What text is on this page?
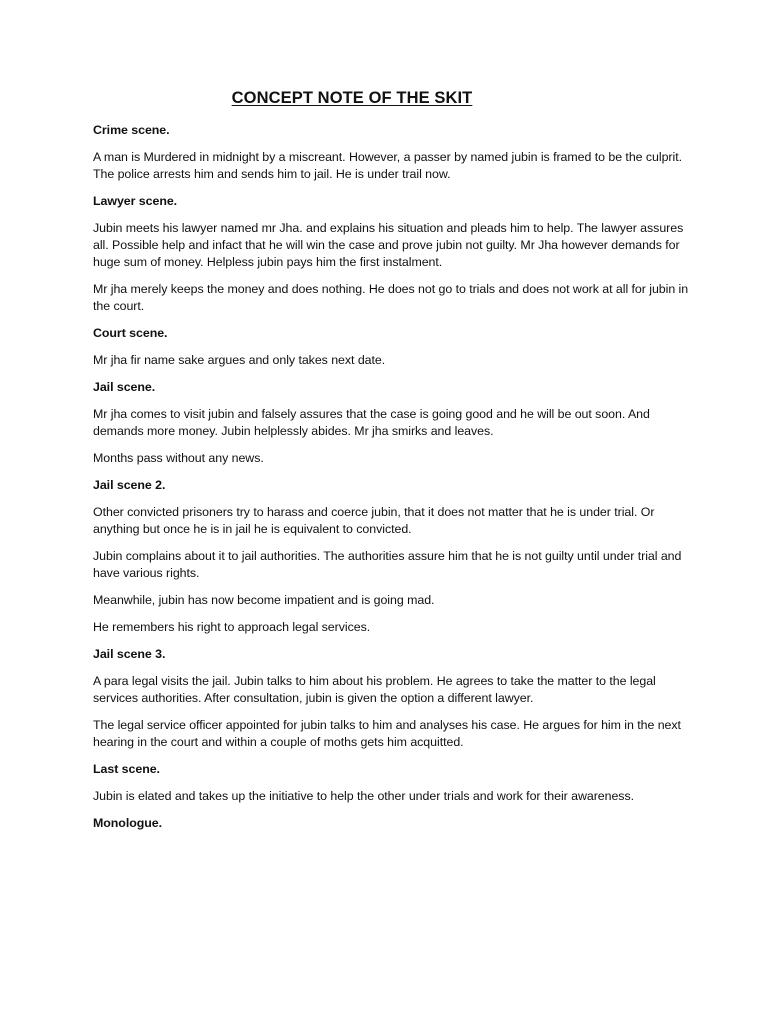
CONCEPT NOTE OF THE SKIT

Crime scene.

A man is Murdered in midnight by a miscreant. However, a passer by named jubin is framed to be the culprit. The police arrests him and sends him to jail. He is under trail now.

Lawyer scene.

Jubin meets his lawyer named mr Jha. and explains his situation and pleads him to help. The lawyer assures all. Possible help and infact that he will win the case and prove jubin not guilty. Mr Jha however demands for huge sum of money. Helpless jubin pays him the first instalment.

Mr jha merely keeps the money and does nothing. He does not go to trials and does not work at all for jubin in the court.

Court scene.

Mr jha fir name sake argues and only takes next date.

Jail scene.

Mr jha comes to visit jubin and falsely assures that the case is going good and he will be out soon. And demands more money. Jubin helplessly abides. Mr jha smirks and leaves.

Months pass without any news.

Jail scene 2.

Other convicted prisoners try to harass and coerce jubin, that it does not matter that he is under trial. Or anything but once he is in jail he is equivalent to convicted.

Jubin complains about it to jail authorities. The authorities assure him that he is not guilty until under trial and have various rights.

Meanwhile, jubin has now become impatient and is going mad.

He remembers his right to approach legal services.

Jail scene 3.

A para legal visits the jail. Jubin talks to him about his problem. He agrees to take the matter to the legal services authorities. After consultation, jubin is given the option a different lawyer.

The legal service officer appointed for jubin talks to him and analyses his case. He argues for him in the next hearing in the court and within a couple of moths gets him acquitted.

Last scene.

Jubin is elated and takes up the initiative to help the other under trials and work for their awareness.

Monologue.
